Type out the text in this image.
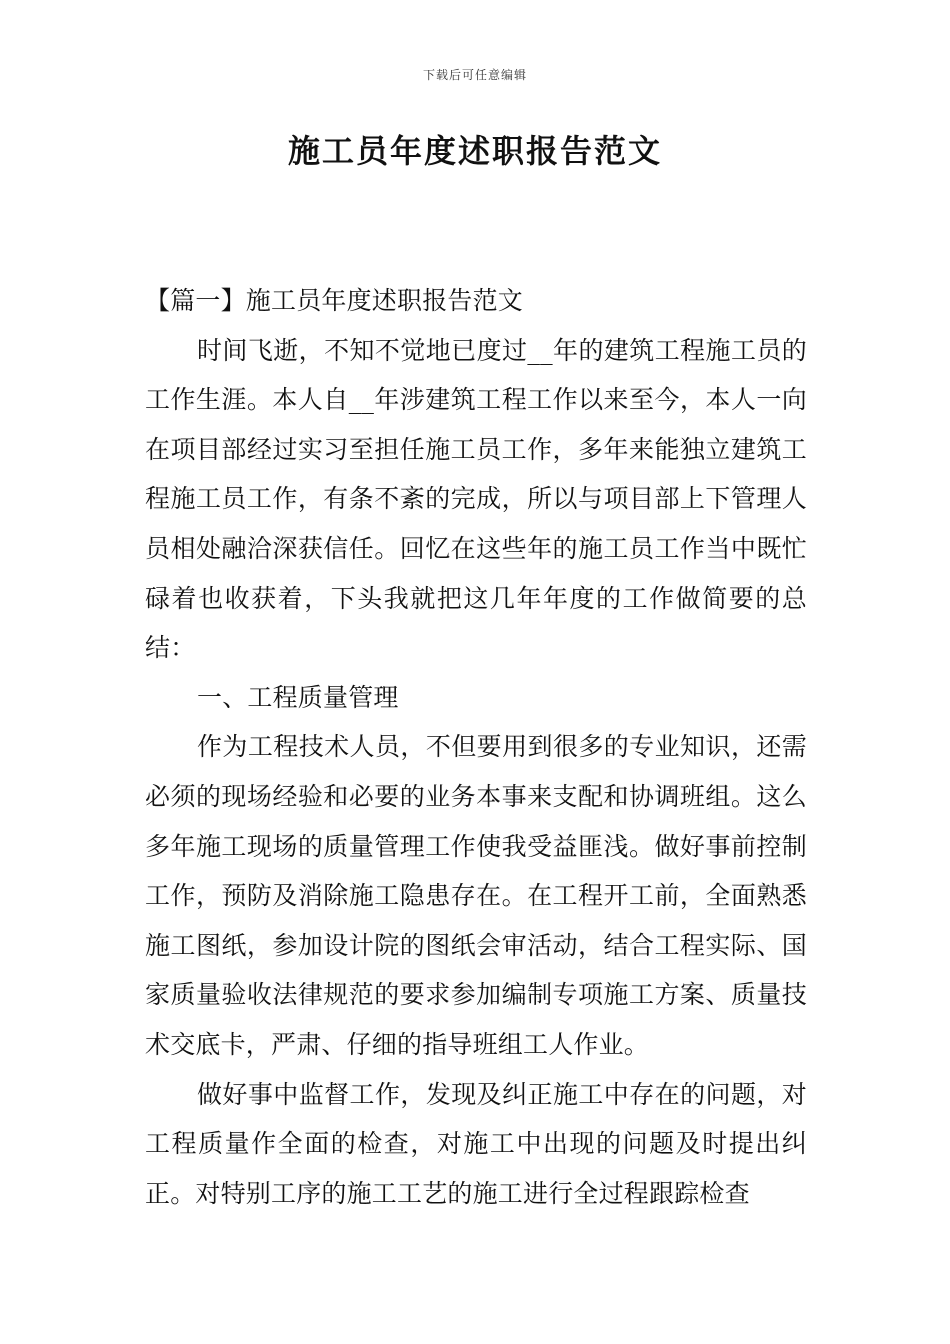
下载后可任意编辑
施工员年度述职报告范文

【篇一】施工员年度述职报告范文

时间飞逝，不知不觉地已度过__年的建筑工程施工员的工作生涯。本人自__年涉建筑工程工作以来至今，本人一向在项目部经过实习至担任施工员工作，多年来能独立建筑工程施工员工作，有条不紊的完成，所以与项目部上下管理人员相处融洽深获信任。回忆在这些年的施工员工作当中既忙碌着也收获着，下头我就把这几年年度的工作做简要的总结：

一、工程质量管理

作为工程技术人员，不但要用到很多的专业知识，还需必须的现场经验和必要的业务本事来支配和协调班组。这么多年施工现场的质量管理工作使我受益匪浅。做好事前控制工作，预防及消除施工隐患存在。在工程开工前，全面熟悉施工图纸，参加设计院的图纸会审活动，结合工程实际、国家质量验收法律规范的要求参加编制专项施工方案、质量技术交底卡，严肃、仔细的指导班组工人作业。

做好事中监督工作，发现及纠正施工中存在的问题，对工程质量作全面的检查，对施工中出现的问题及时提出纠正。对特别工序的施工工艺的施工进行全过程跟踪检查
